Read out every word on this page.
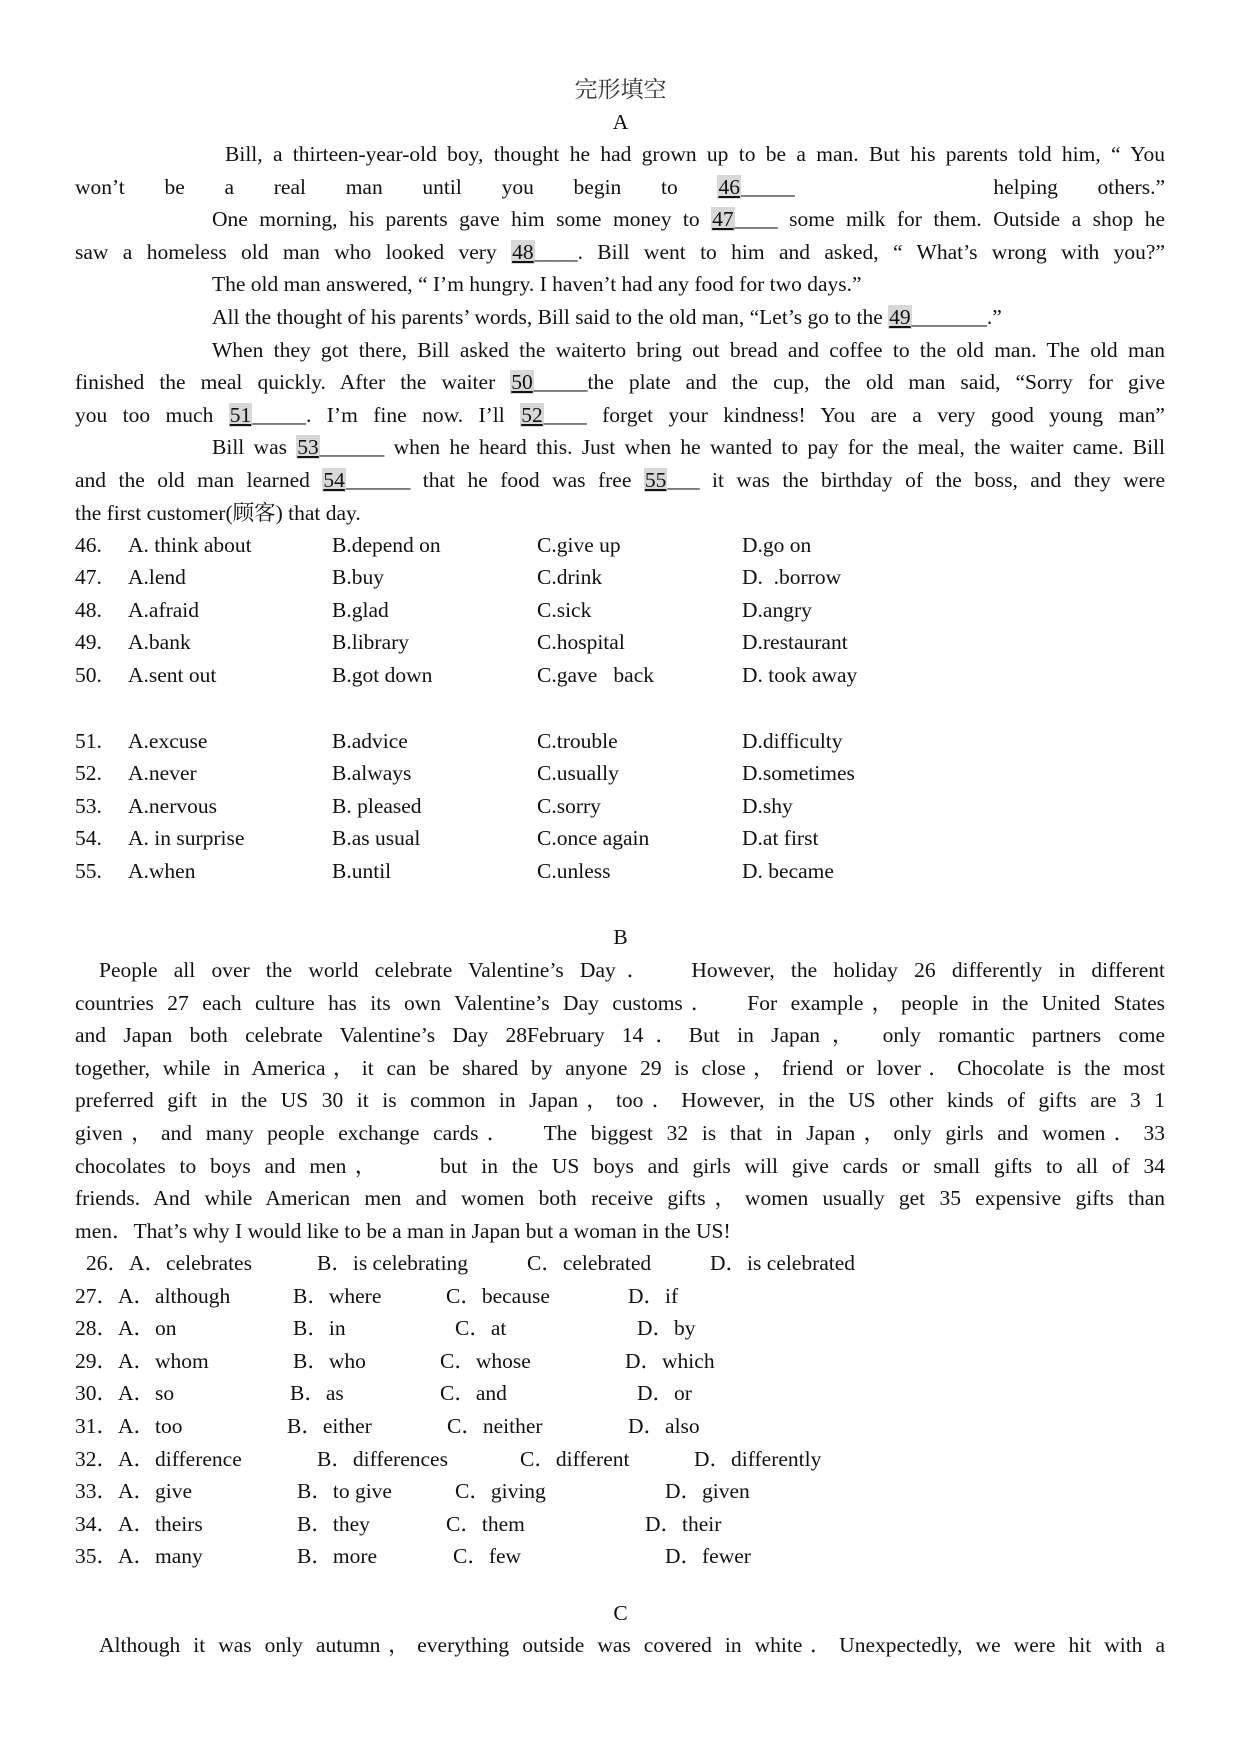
完形填空
A
Bill, a thirteen-year-old boy, thought he had grown up to be a man. But his parents told him, “ You
won’t be a real man until you begin to 46_____     helping others.”
One morning, his parents gave him some money to 47____ some milk for them. Outside a shop he
saw a homeless old man who looked very 48____. Bill went to him and asked, “ What’s wrong with you?”
The old man answered, “ I’m hungry. I haven’t had any food for two days.”
All the thought of his parents’ words, Bill said to the old man, “Let’s go to the 49_______.”
When they got there, Bill asked the waiterto bring out bread and coffee to the old man. The old man
finished the meal quickly. After the waiter 50_____the plate and the cup, the old man said, “Sorry for give
you too much 51_____. I’m fine now. I’ll 52____ forget your kindness! You are a very good young man”
Bill was 53______ when he heard this. Just when he wanted to pay for the meal, the waiter came. Bill
and the old man learned 54______ that he food was free 55___ it was the birthday of the boss, and they were
the first customer(顾客) that day.
46. A. think about	B.depend on	C.give up	D.go on
47. A.lend	B.buy	C.drink	D.  .borrow
48. A.afraid	B.glad	C.sick	D.angry
49. A.bank	B.library	C.hospital	D.restaurant
50. A.sent out	B.got down	C.gave   back	D. took away
51. A.excuse	B.advice	C.trouble	D.difficulty
52. A.never	B.always	C.usually	D.sometimes
53. A.nervous	B. pleased	C.sorry	D.shy
54. A. in surprise	B.as usual	C.once again	D.at first
55. A.when	B.until	C.unless	D. became
B
People all over the world celebrate Valentine’s Day．  However, the holiday 26 differently in different
countries 27 each culture has its own Valentine’s Day customs．  For example，people in the United States
and Japan both celebrate Valentine’s Day 28February 14．But in Japan， only romantic partners come
together, while in America，it can be shared by anyone 29 is close，friend or lover．Chocolate is the most
preferred gift in the US 30 it is common in Japan，too．However, in the US other kinds of gifts are 3 1
given，and many people exchange cards．  The biggest 32 is that in Japan，only girls and women．33
chocolates to boys and men，    but in the US boys and girls will give cards or small gifts to all of 34
friends. And while American men and women both receive gifts，women usually get 35 expensive gifts than
men．That’s why I would like to be a man in Japan but a woman in the US!
26．A．celebrates	B．is celebrating	C．celebrated	D．is celebrated
27．A．although	B．where	C．because	D．if
28．A．on	B．in	C．at	D．by
29．A．whom	B．who	C．whose	D．which
30．A．so	B．as	C．and	D．or
31．A．too	B．either	C．neither	D．also
32．A．difference	B．differences	C．different	D．differently
33．A．give	B．to give	C．giving	D．given
34．A．theirs	B．they	C．them	D．their
35．A．many	B．more	C．few	D．fewer
C
Although it was only autumn，everything outside was covered in white．Unexpectedly, we were hit with a
